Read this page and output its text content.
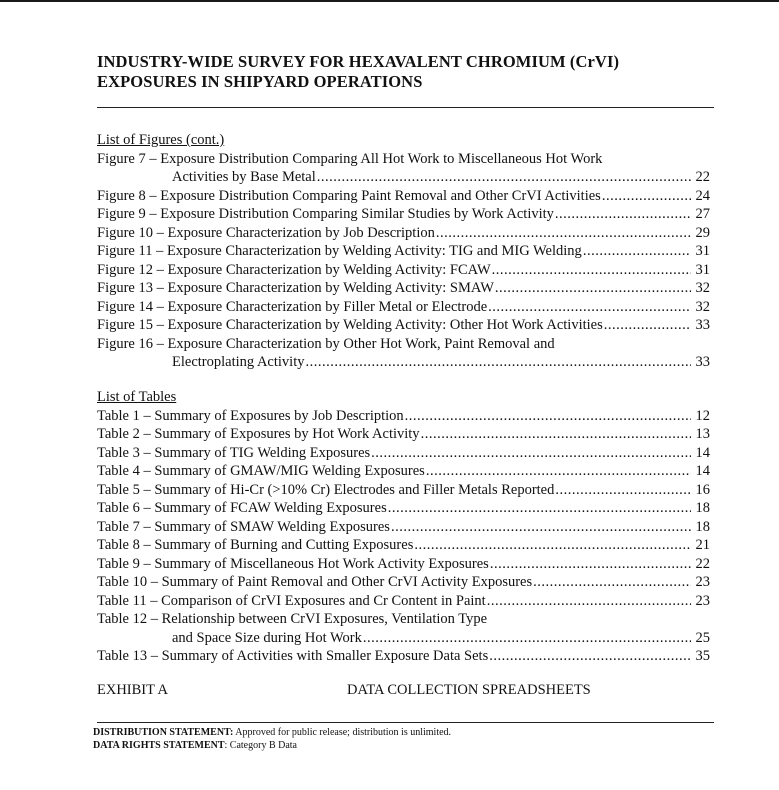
INDUSTRY-WIDE SURVEY FOR HEXAVALENT CHROMIUM (CrVI)
EXPOSURES IN SHIPYARD OPERATIONS
List of Figures (cont.)
Figure 7 – Exposure Distribution Comparing All Hot Work to Miscellaneous Hot Work
Activities by Base Metal .....	22
Figure 8 – Exposure Distribution Comparing Paint Removal and Other CrVI Activities .....	24
Figure 9 – Exposure Distribution Comparing Similar Studies by Work Activity .....	27
Figure 10 – Exposure Characterization by Job Description .....	29
Figure 11 – Exposure Characterization by Welding Activity: TIG and MIG Welding .....	31
Figure 12 – Exposure Characterization by Welding Activity: FCAW .....	31
Figure 13 – Exposure Characterization by Welding Activity: SMAW .....	32
Figure 14 – Exposure Characterization by Filler Metal or Electrode .....	32
Figure 15 – Exposure Characterization by Welding Activity: Other Hot Work Activities .....	33
Figure 16 – Exposure Characterization by Other Hot Work, Paint Removal and
Electroplating Activity .....	33
List of Tables
Table 1 – Summary of Exposures by Job Description .....	12
Table 2 – Summary of Exposures by Hot Work Activity .....	13
Table 3 – Summary of TIG Welding Exposures .....	14
Table 4 – Summary of GMAW/MIG Welding Exposures .....	14
Table 5 – Summary of Hi-Cr (>10% Cr) Electrodes and Filler Metals Reported .....	16
Table 6 – Summary of FCAW Welding Exposures .....	18
Table 7 – Summary of SMAW Welding Exposures .....	18
Table 8 – Summary of Burning and Cutting Exposures .....	21
Table 9 – Summary of Miscellaneous Hot Work Activity Exposures .....	22
Table 10 – Summary of Paint Removal and Other CrVI Activity Exposures .....	23
Table 11 – Comparison of CrVI Exposures and Cr Content in Paint .....	23
Table 12 – Relationship between CrVI Exposures, Ventilation Type
and Space Size during Hot Work .....	25
Table 13 – Summary of Activities with Smaller Exposure Data Sets .....	35
EXHIBIT A	DATA COLLECTION SPREADSHEETS
DISTRIBUTION STATEMENT: Approved for public release; distribution is unlimited.
DATA RIGHTS STATEMENT: Category B Data
